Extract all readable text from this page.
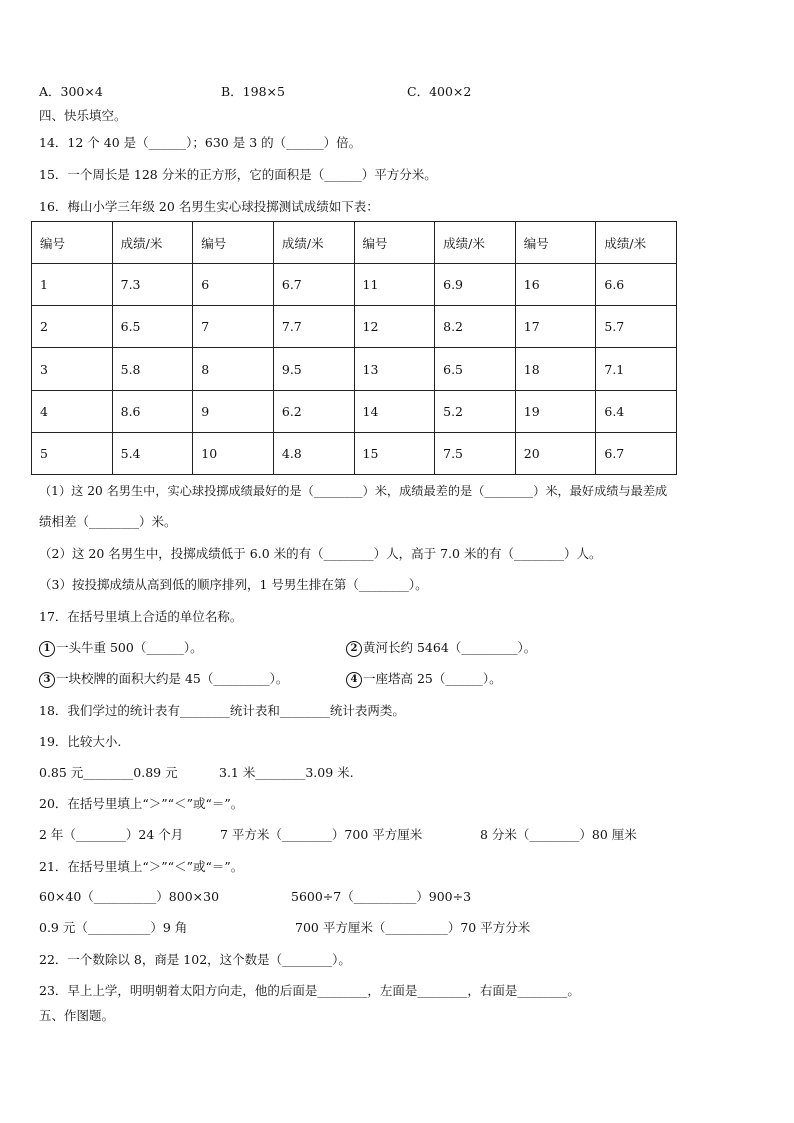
A．300×4	B．198×5	C．400×2
四、快乐填空。
14．12 个 40 是（______）；630 是 3 的（______）倍。
15．一个周长是 128 分米的正方形，它的面积是（______）平方分米。
16．梅山小学三年级 20 名男生实心球投掷测试成绩如下表：
编号	成绩/米	编号	成绩/米	编号	成绩/米	编号	成绩/米
1	7.3	6	6.7	11	6.9	16	6.6
2	6.5	7	7.7	12	8.2	17	5.7
3	5.8	8	9.5	13	6.5	18	7.1
4	8.6	9	6.2	14	5.2	19	6.4
5	5.4	10	4.8	15	7.5	20	6.7
（1）这 20 名男生中，实心球投掷成绩最好的是（________）米，成绩最差的是（________）米，最好成绩与最差成
绩相差（________）米。
（2）这 20 名男生中，投掷成绩低于 6.0 米的有（________）人，高于 7.0 米的有（________）人。
（3）按投掷成绩从高到低的顺序排列，1 号男生排在第（________）。
17．在括号里填上合适的单位名称。
1 一头牛重 500（______）。	2 黄河长约 5464（_________）。
3 一块校牌的面积大约是 45（_________）。	4 一座塔高 25（______）。
18．我们学过的统计表有________统计表和________统计表两类。
19．比较大小.
0.85 元________0.89 元	3.1 米________3.09 米.
20．在括号里填上“＞”“＜”或“＝”。
2 年（________）24 个月	7 平方米（________）700 平方厘米	8 分米（________）80 厘米
21．在括号里填上“＞”“＜”或“＝”。
60×40（__________）800×30	5600÷7（__________）900÷3
0.9 元（__________）9 角	700 平方厘米（__________）70 平方分米
22．一个数除以 8，商是 102，这个数是（________）。
23．早上上学，明明朝着太阳方向走，他的后面是________，左面是________，右面是________。
五、作图题。
